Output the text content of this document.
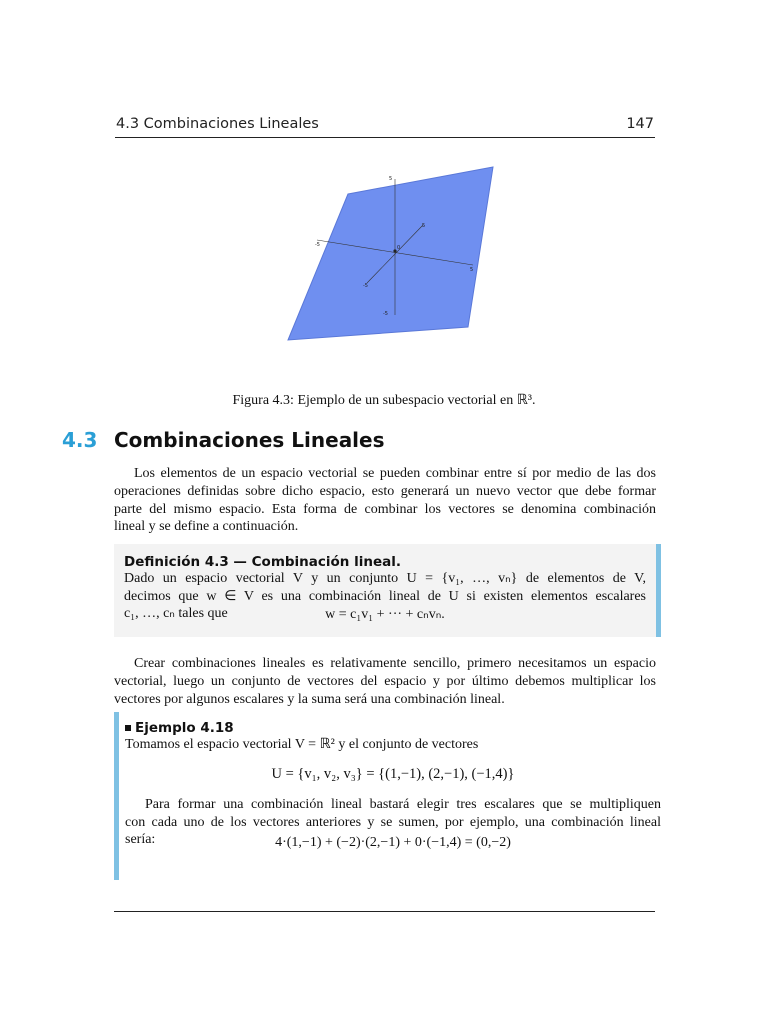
4.3 Combinaciones Lineales	147
5
-5
5
-5
5
-5
0
Figura 4.3: Ejemplo de un subespacio vectorial en ℝ³.
4.3 Combinaciones Lineales
Los elementos de un espacio vectorial se pueden combinar entre sí por medio de las dos
operaciones definidas sobre dicho espacio, esto generará un nuevo vector que debe formar
parte del mismo espacio. Esta forma de combinar los vectores se denomina combinación
lineal y se define a continuación.
Definición 4.3 — Combinación lineal.
Dado un espacio vectorial V y un conjunto U = {v₁, …, vₙ} de elementos de V,
decimos que w ∈ V es una combinación lineal de U si existen elementos escalares
c₁, …, cₙ tales que	w = c₁v₁ + ··· + cₙvₙ.
Crear combinaciones lineales es relativamente sencillo, primero necesitamos un espacio
vectorial, luego un conjunto de vectores del espacio y por último debemos multiplicar los
vectores por algunos escalares y la suma será una combinación lineal.
Ejemplo 4.18
Tomamos el espacio vectorial V = ℝ² y el conjunto de vectores
U = {v₁, v₂, v₃} = {(1,−1), (2,−1), (−1,4)}
Para formar una combinación lineal bastará elegir tres escalares que se multipliquen
con cada uno de los vectores anteriores y se sumen, por ejemplo, una combinación lineal
sería:	4·(1,−1) + (−2)·(2,−1) + 0·(−1,4) = (0,−2)
